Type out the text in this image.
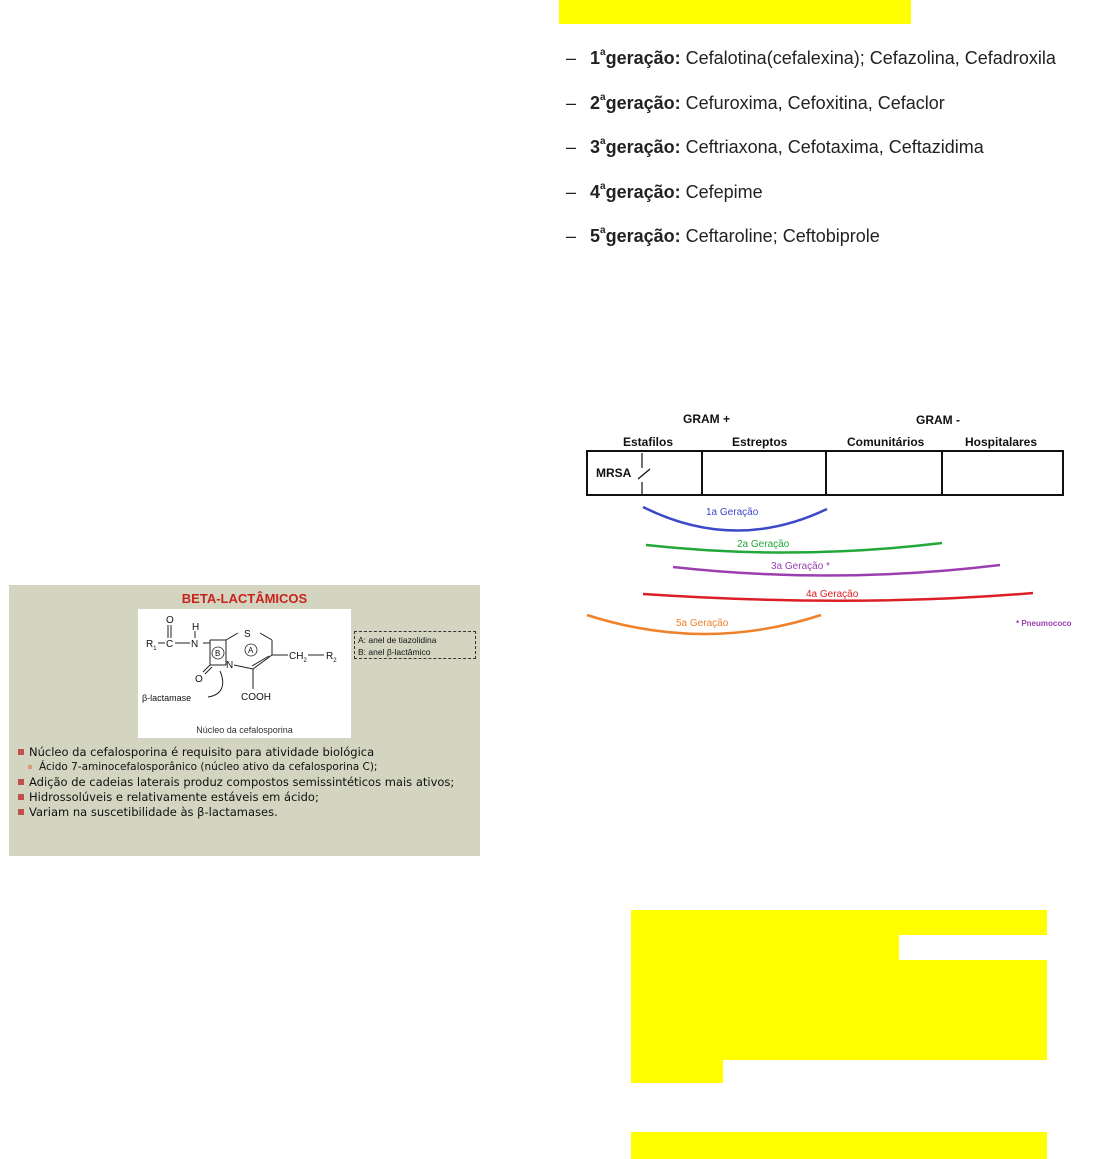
– 1$^a$geração: Cefalotina(cefalexina); Cefazolina, Cefadroxila
– 2$^a$geração: Cefuroxima, Cefoxitina, Cefaclor
– 3$^a$geração: Ceftriaxona, Cefotaxima, Ceftazidima
– 4$^a$geração: Cefepime
– 5$^a$geração: Ceftaroline; Ceftobiprole
BETA-LACTÂMICOS
$R_1$ C
O
N
H
S
N
O
$CH_2$ $R_2$
COOH
β-lactamase
B	A
Núcleo da cefalosporina
A: anel de tiazolidina
B: anel β-lactâmico
Núcleo da cefalosporina é requisito para atividade biológica
Ácido 7-aminocefalosporânico (núcleo ativo da cefalosporina C);
Adição de cadeias laterais produz compostos semissintéticos mais ativos;
Hidrossolúveis e relativamente estáveis em ácido;
Variam na suscetibilidade às β-lactamases.
GRAM +	GRAM -
Estafilos	Estreptos	Comunitários	Hospitalares
MRSA
1a Geração
2a Geração
3a Geração *
4a Geração
5a Geração	* Pneumococo
